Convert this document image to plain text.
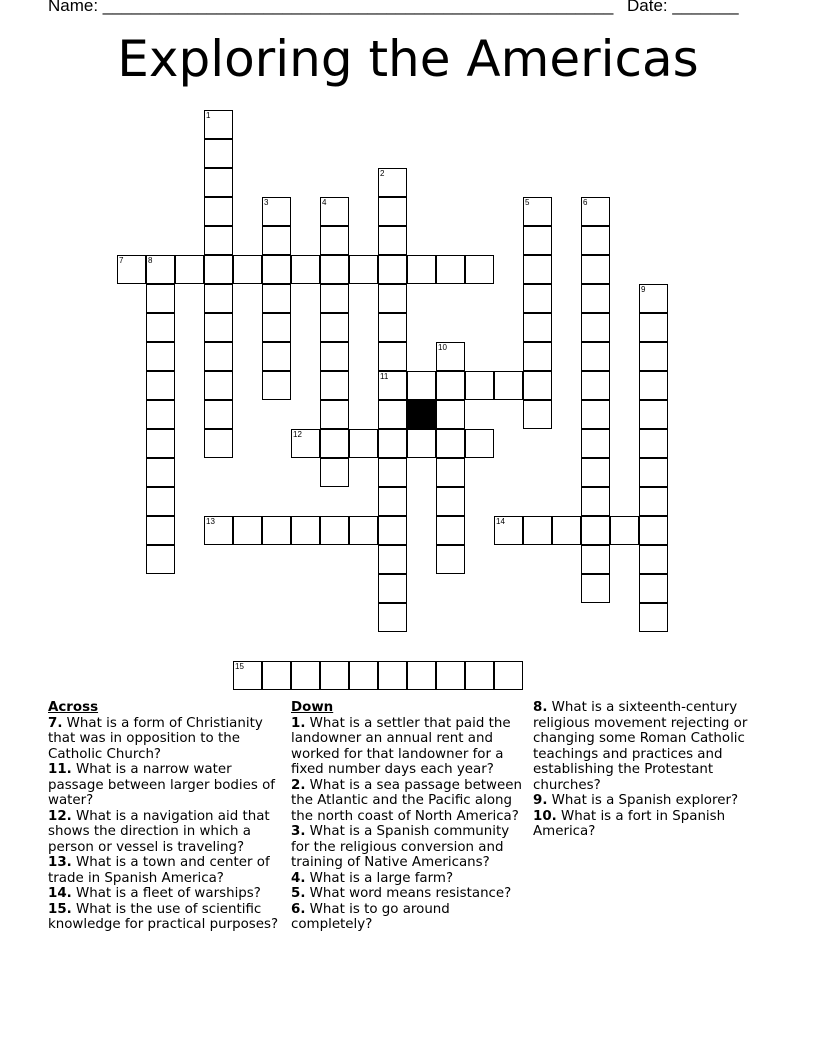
Name: ______________________________________________________ Date: _______
Exploring the Americas
1
2
3	4	5	6
7	8
9
10
11
12
13	14
15
Across
7. What is a form of Christianity that was in opposition to the Catholic Church?
11. What is a narrow water passage between larger bodies of water?
12. What is a navigation aid that shows the direction in which a person or vessel is traveling?
13. What is a town and center of trade in Spanish America?
14. What is a fleet of warships?
15. What is the use of scientific knowledge for practical purposes?
Down
1. What is a settler that paid the landowner an annual rent and worked for that landowner for a fixed number days each year?
2. What is a sea passage between the Atlantic and the Pacific along the north coast of North America?
3. What is a Spanish community for the religious conversion and training of Native Americans?
4. What is a large farm?
5. What word means resistance?
6. What is to go around completely?
8. What is a sixteenth-century religious movement rejecting or changing some Roman Catholic teachings and practices and establishing the Protestant churches?
9. What is a Spanish explorer?
10. What is a fort in Spanish America?
